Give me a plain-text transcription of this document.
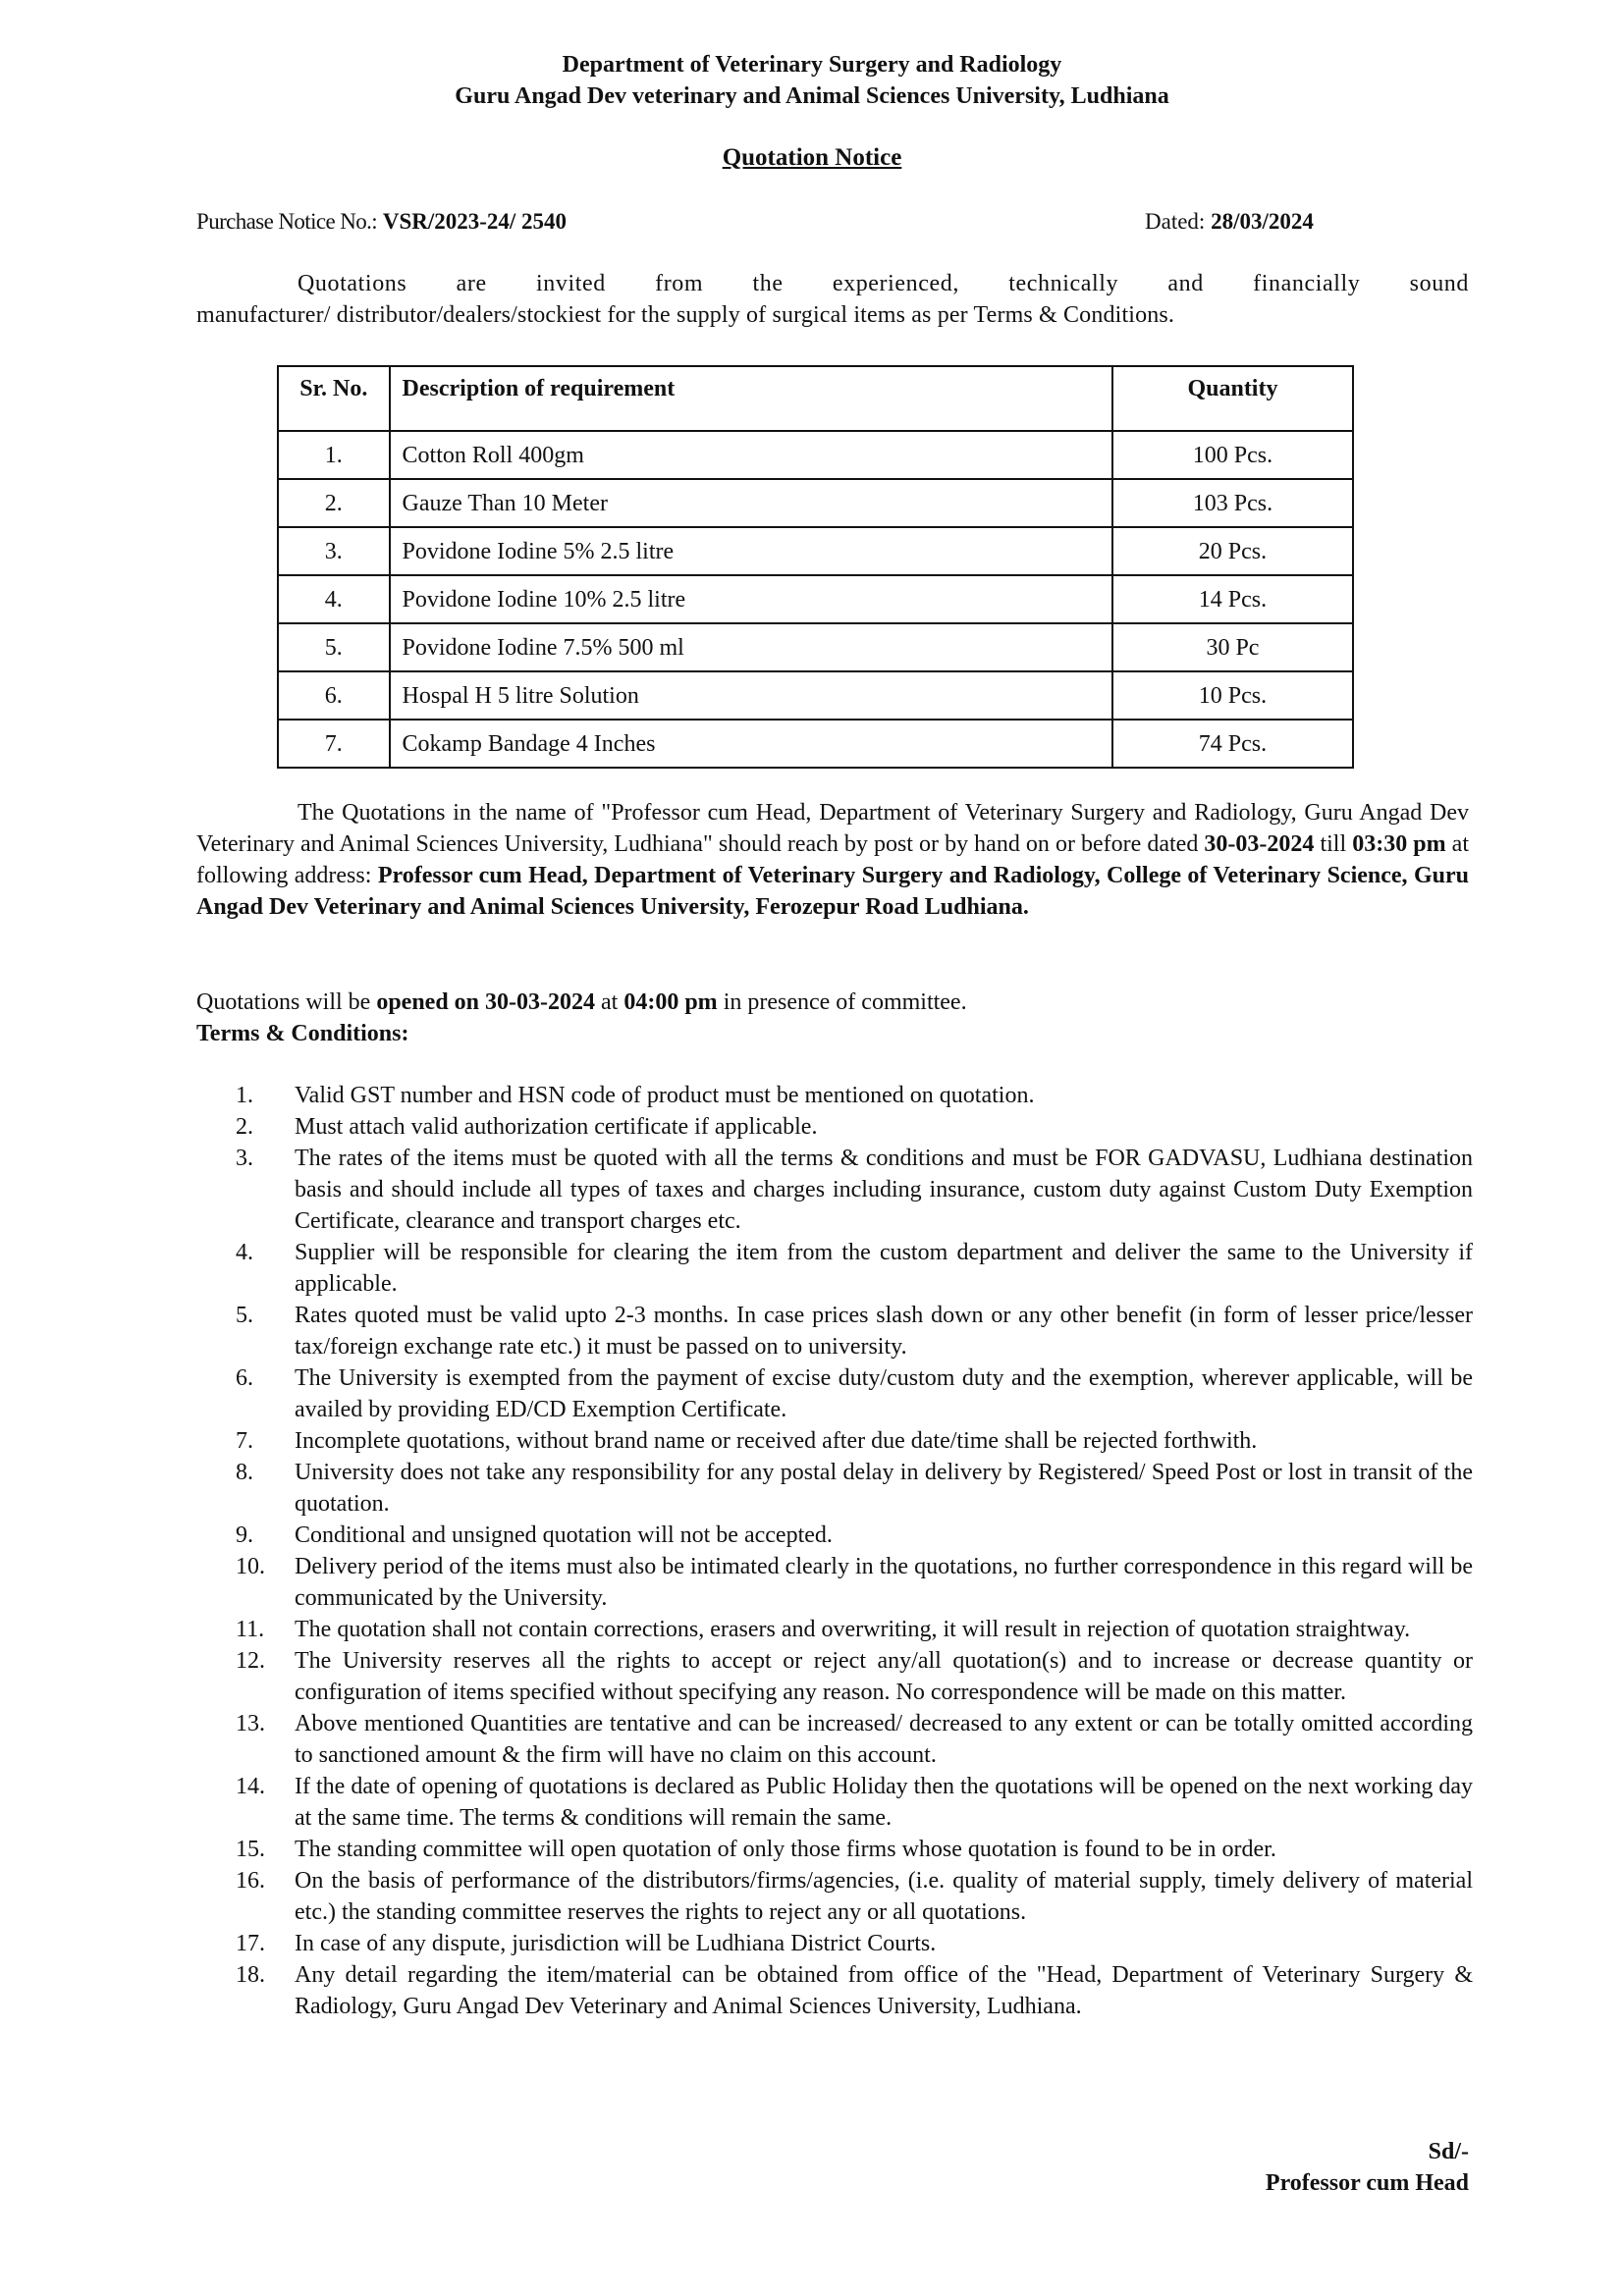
Department of Veterinary Surgery and Radiology
Guru Angad Dev veterinary and Animal Sciences University, Ludhiana
Quotation Notice
Purchase Notice No.: VSR/2023-24/ 2540	Dated: 28/03/2024
Quotations are invited from the experienced, technically and financially sound
manufacturer/ distributor/dealers/stockiest for the supply of surgical items as per Terms & Conditions.
Sr. No.	Description of requirement	Quantity
1.	Cotton Roll 400gm	100 Pcs.
2.	Gauze Than 10 Meter	103 Pcs.
3.	Povidone Iodine 5% 2.5 litre	20 Pcs.
4.	Povidone Iodine 10% 2.5 litre	14 Pcs.
5.	Povidone Iodine 7.5% 500 ml	30 Pc
6.	Hospal H 5 litre Solution	10 Pcs.
7.	Cokamp Bandage 4 Inches	74 Pcs.
The Quotations in the name of "Professor cum Head, Department of Veterinary Surgery and Radiology, Guru Angad Dev Veterinary and Animal Sciences University, Ludhiana" should reach by post or by hand on or before dated 30-03-2024 till 03:30 pm at following address: Professor cum Head, Department of Veterinary Surgery and Radiology, College of Veterinary Science, Guru Angad Dev Veterinary and Animal Sciences University, Ferozepur Road Ludhiana.
Quotations will be opened on 30-03-2024 at 04:00 pm in presence of committee.
Terms & Conditions:
1.	Valid GST number and HSN code of product must be mentioned on quotation.
2.	Must attach valid authorization certificate if applicable.
3.	The rates of the items must be quoted with all the terms & conditions and must be FOR GADVASU, Ludhiana destination basis and should include all types of taxes and charges including insurance, custom duty against Custom Duty Exemption Certificate, clearance and transport charges etc.
4.	Supplier will be responsible for clearing the item from the custom department and deliver the same to the University if applicable.
5.	Rates quoted must be valid upto 2-3 months. In case prices slash down or any other benefit (in form of lesser price/lesser tax/foreign exchange rate etc.) it must be passed on to university.
6.	The University is exempted from the payment of excise duty/custom duty and the exemption, wherever applicable, will be availed by providing ED/CD Exemption Certificate.
7.	Incomplete quotations, without brand name or received after due date/time shall be rejected forthwith.
8.	University does not take any responsibility for any postal delay in delivery by Registered/ Speed Post or lost in transit of the quotation.
9.	Conditional and unsigned quotation will not be accepted.
10.	Delivery period of the items must also be intimated clearly in the quotations, no further correspondence in this regard will be communicated by the University.
11.	The quotation shall not contain corrections, erasers and overwriting, it will result in rejection of quotation straightway.
12.	The University reserves all the rights to accept or reject any/all quotation(s) and to increase or decrease quantity or configuration of items specified without specifying any reason. No correspondence will be made on this matter.
13.	Above mentioned Quantities are tentative and can be increased/ decreased to any extent or can be totally omitted according to sanctioned amount & the firm will have no claim on this account.
14.	If the date of opening of quotations is declared as Public Holiday then the quotations will be opened on the next working day at the same time. The terms & conditions will remain the same.
15.	The standing committee will open quotation of only those firms whose quotation is found to be in order.
16.	On the basis of performance of the distributors/firms/agencies, (i.e. quality of material supply, timely delivery of material etc.) the standing committee reserves the rights to reject any or all quotations.
17.	In case of any dispute, jurisdiction will be Ludhiana District Courts.
18.	Any detail regarding the item/material can be obtained from office of the "Head, Department of Veterinary Surgery & Radiology, Guru Angad Dev Veterinary and Animal Sciences University, Ludhiana.
Sd/-
Professor cum Head
